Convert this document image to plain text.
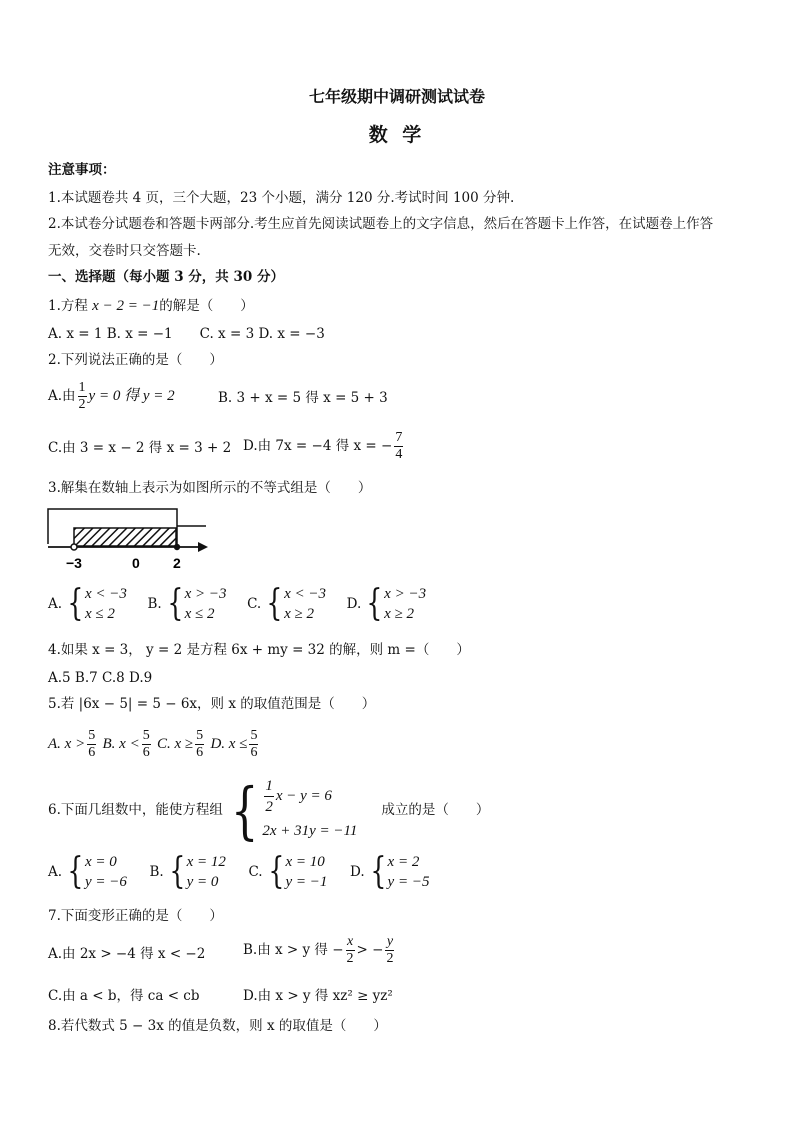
七年级期中调研测试试卷
数 学
注意事项：
1.本试题卷共 4 页，三个大题，23 个小题，满分 120 分.考试时间 100 分钟.
2.本试卷分试题卷和答题卡两部分.考生应首先阅读试题卷上的文字信息，然后在答题卡上作答，在试题卷上作答
无效，交卷时只交答题卡.
一、选择题（每小题 3 分，共 30 分）
1.方程 x − 2 = −1的解是（　　）
A. x = 1 B. x = −1　　C. x = 3 D. x = −3
2.下列说法正确的是（　　）
A.由 $\frac{1}{2}$ y = 0 得 y = 2	B. 3 + x = 5 得 x = 5 + 3
C.由 3 = x − 2 得 x = 3 + 2 D.由 7x = −4 得 x = − $\frac{7}{4}$
3.解集在数轴上表示为如图所示的不等式组是（　　）
−3	0 2
A. { x < −3
x ≤ 2
B. { x > −3
x ≤ 2
C. { x < −3
x ≥ 2
D. { x > −3
x ≥ 2
4.如果 x = 3， y = 2 是方程 6x + my = 32 的解，则 m =（　　）
A.5 B.7 C.8 D.9
5.若 |6x − 5| = 5 − 6x，则 x 的取值范围是（　　）
A. $x > \frac{5}{6} B$. $x < \frac{5}{6} C$. $x \ge \frac{5}{6} D$. $x \le \frac{5}{6}$
6.下面几组数中，能使方程组 { $\frac{1}{2}$ x − y = 6
2x + 31y = −11
成立的是（　　）
A. { x = 0
y = −6
B. { x = 12
y = 0
C. { x = 10
y = −1
D. { x = 2
y = −5
7.下面变形正确的是（　　）
A.由 2x > −4 得 x < −2	B.由 x > y 得 − $\frac{x}{2}$ > − $\frac{y}{2}$
C.由 a < b，得 ca < cb	D.由 x > y 得 xz² ≥ yz²
8.若代数式 5 − 3x 的值是负数，则 x 的取值是（　　）
